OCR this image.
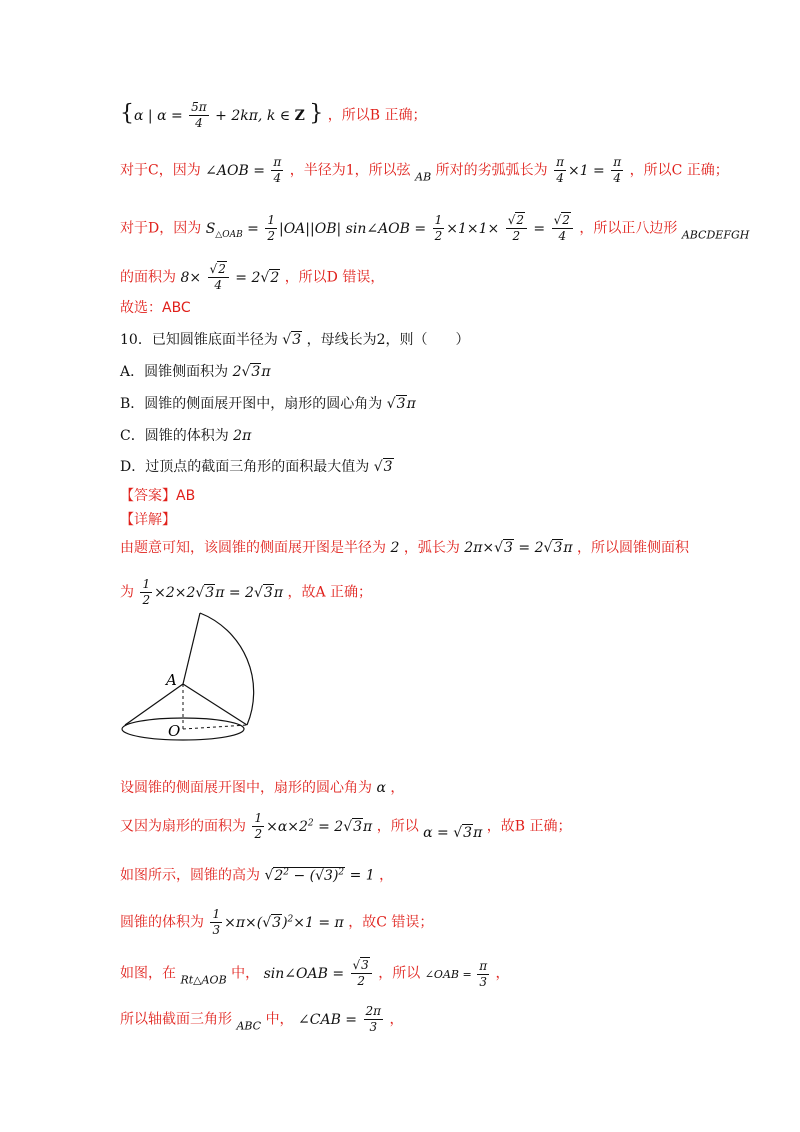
{α | $\alpha = \frac{5\pi}{4} + 2k\pi$, k ∈ Z } ，所以B 正确；
对于C，因为 ∠AOB = $\frac{\pi}{4}$ ，半径为1，所以弦 $_{AB}$ 所对的劣弧弧长为 $\frac{\pi}{4} \times 1 = \frac{\pi}{4}$ ，所以C 正确；
对于D，因为 $S_{\triangle OAB} = \frac{1}{2} |OA||OB|$ sin∠AOB = $\frac{1}{2} \times 1\times 1\times \frac{√2}{2} = \frac{√2}{4}$ ，所以正八边形 $_{ABCDEFGH}$
的面积为 $8\times \frac{√2}{4} = 2√2$ ，所以D 错误，
故选：ABC
10．已知圆锥底面半径为 √3 ，母线长为2，则（　　）
A．圆锥侧面积为 2√3π
B．圆锥的侧面展开图中，扇形的圆心角为 √3π
C．圆锥的体积为 2π
D．过顶点的截面三角形的面积最大值为 √3
【答案】AB
【详解】
由题意可知，该圆锥的侧面展开图是半径为 2 ，弧长为 2π×√3 = 2√3π ，所以圆锥侧面积
为 $\frac{1}{2} \times 2\times 2√3\pi = 2√3\pi$ ，故A 正确；
A
O
设圆锥的侧面展开图中，扇形的圆心角为 α ，
又因为扇形的面积为 $\frac{1}{2} \times\alpha\times 2^2 = 2√3\pi$ ，所以 α = √3π ，故B 正确；
如图所示，圆锥的高为 $√2^2 - (√3)^2 = 1$ ，
圆锥的体积为 $\frac{1}{3} \times\pi\times(√3)^2\times 1 = \pi$ ，故C 错误；
如图，在 $_{Rt\triangle AOB}$ 中， sin∠OAB = $\frac{√3}{2}$ ，所以 ∠OAB = $\frac{\pi}{3}$ ，
所以轴截面三角形 $_{ABC}$ 中， ∠CAB = $\frac{2\pi}{3}$ ，
